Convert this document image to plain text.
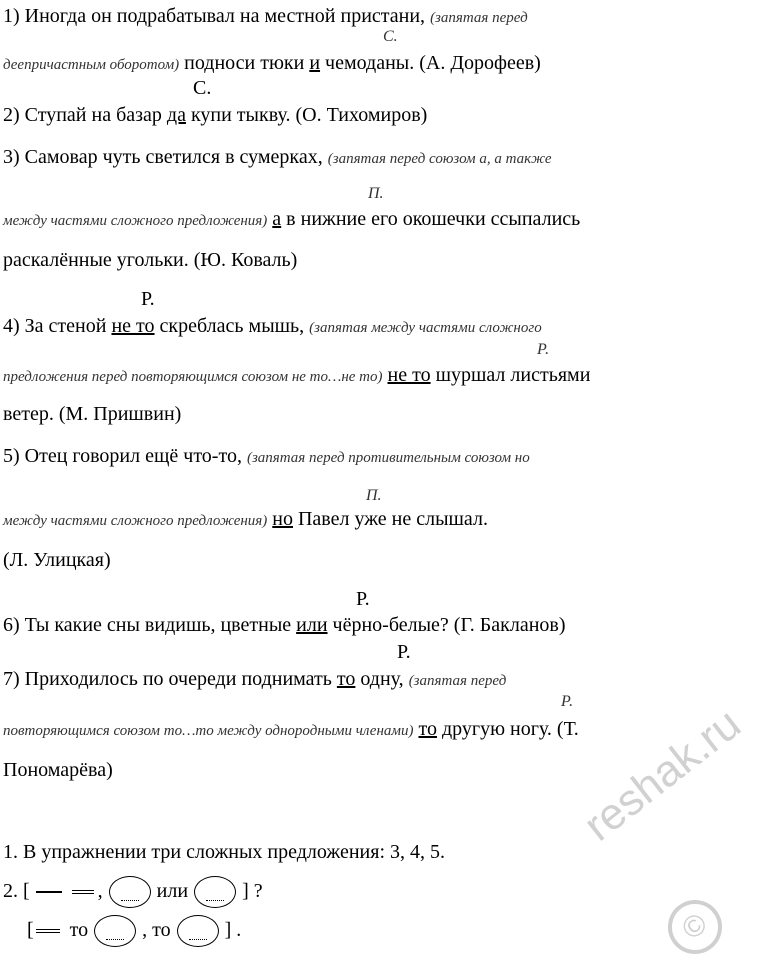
С.
1) Иногда он подрабатывал на местной пристани, (запятая перед
деепричастным оборотом) подноси тюки и чемоданы. (А. Дорофеев)
С.
2) Ступай на базар да купи тыкву. (О. Тихомиров)
3) Самовар чуть светился в сумерках, (запятая перед союзом а, а также
П.
между частями сложного предложения) а в нижние его окошечки ссыпались
раскалённые угольки. (Ю. Коваль)
Р.
4) За стеной не то скреблась мышь, (запятая между частями сложного
Р.
предложения перед повторяющимся союзом не то…не то) не то шуршал листьями
ветер. (М. Пришвин)
5) Отец говорил ещё что-то, (запятая перед противительным союзом но
П.
между частями сложного предложения) но Павел уже не слышал.
(Л. Улицкая)
Р.
6) Ты какие сны видишь, цветные или чёрно-белые? (Г. Бакланов)
Р.
7) Приходилось по очереди поднимать то одну, (запятая перед
Р.
повторяющимся союзом то…то между однородными членами) то другую ногу. (Т.
Пономарёва)
1. В упражнении три сложных предложения: 3, 4, 5.
2. [	,	или	] ?
[ то	, то	] .
reshak.ru
©
